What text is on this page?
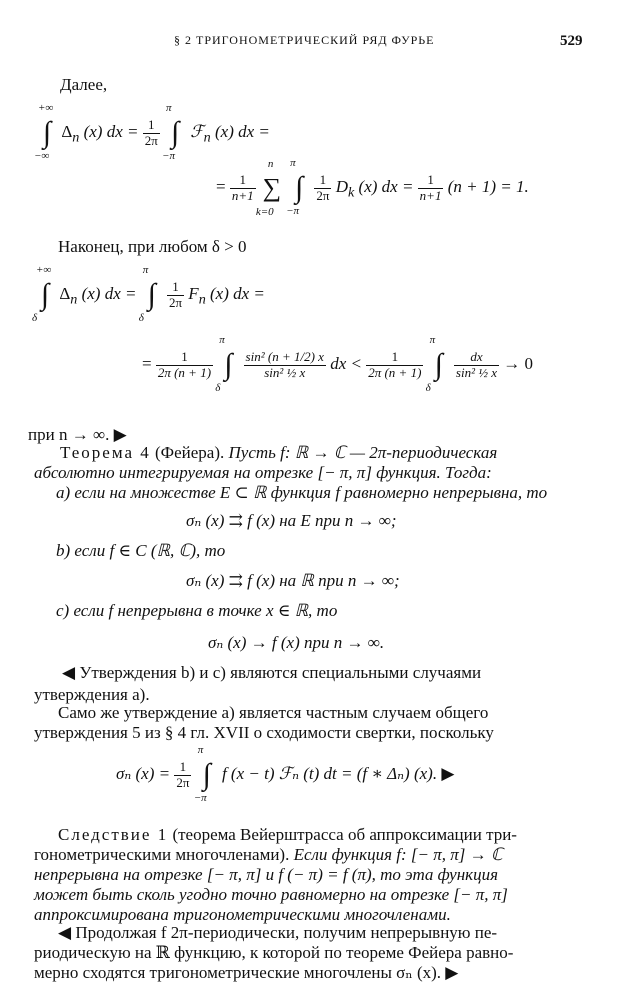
§ 2 ТРИГОНОМЕТРИЧЕСКИЙ РЯД ФУРЬЕ	529
Далее,
∫
+∞
−∞
$\Delta_n$ (x) dx = $\frac{1}{2\pi}$ ∫
π
−π
ℱ$_n$ (x) dx =
= $\frac{1}{n+1}$ ∑
n
k=0
∫
π
−π

$\frac{1}{2\pi} D_k$ (x) dx = $\frac{1}{n+1} (n + 1) = 1$.
Наконец, при любом δ > 0
∫
+∞
δ
$\Delta_n$ (x) dx = ∫
π
δ

$\frac{1}{2\pi} F_n$ (x) dx =
= $\frac{1}{2\pi (n + 1)}$ ∫
π
δ

$\frac{\text{sin² (n + 1/2) x}}{\text{sin² ½ x}}$ dx < $\frac{1}{2\pi (n + 1)}$ ∫
π
δ

$\frac{dx}{\text{sin² ½ x}} \to 0$
при n → ∞. ▶
Теорема 4 (Фейера). Пусть f: ℝ → ℂ — 2π-периодическая
абсолютно интегрируемая на отрезке [− π, π] функция. Тогда:
a) если на множестве E ⊂ ℝ функция f равномерно непрерывна, то
σₙ (x) ⇉ f (x) на E при n → ∞;
b) если f ∈ C (ℝ, ℂ), то
σₙ (x) ⇉ f (x) на ℝ при n → ∞;
c) если f непрерывна в точке x ∈ ℝ, то
σₙ (x) → f (x) при n → ∞.
◀ Утверждения b) и c) являются специальными случаями
утверждения a).
Само же утверждение a) является частным случаем общего
утверждения 5 из § 4 гл. XVII о сходимости свертки, поскольку
σₙ $(x) = \frac{1}{2\pi}$ ∫
π
−π
f (x − t) ℱₙ (t) dt = (f ∗ Δₙ) (x). ▶
Следствие 1 (теорема Вейерштрасса об аппроксимации три-
гонометрическими многочленами). Если функция f: [− π, π] → ℂ
непрерывна на отрезке [− π, π] и f (− π) = f (π), то эта функция
может быть сколь угодно точно равномерно на отрезке [− π, π]
аппроксимирована тригонометрическими многочленами.
◀ Продолжая f 2π-периодически, получим непрерывную пе-
риодическую на ℝ функцию, к которой по теореме Фейера равно-
мерно сходятся тригонометрические многочлены σₙ (x). ▶
